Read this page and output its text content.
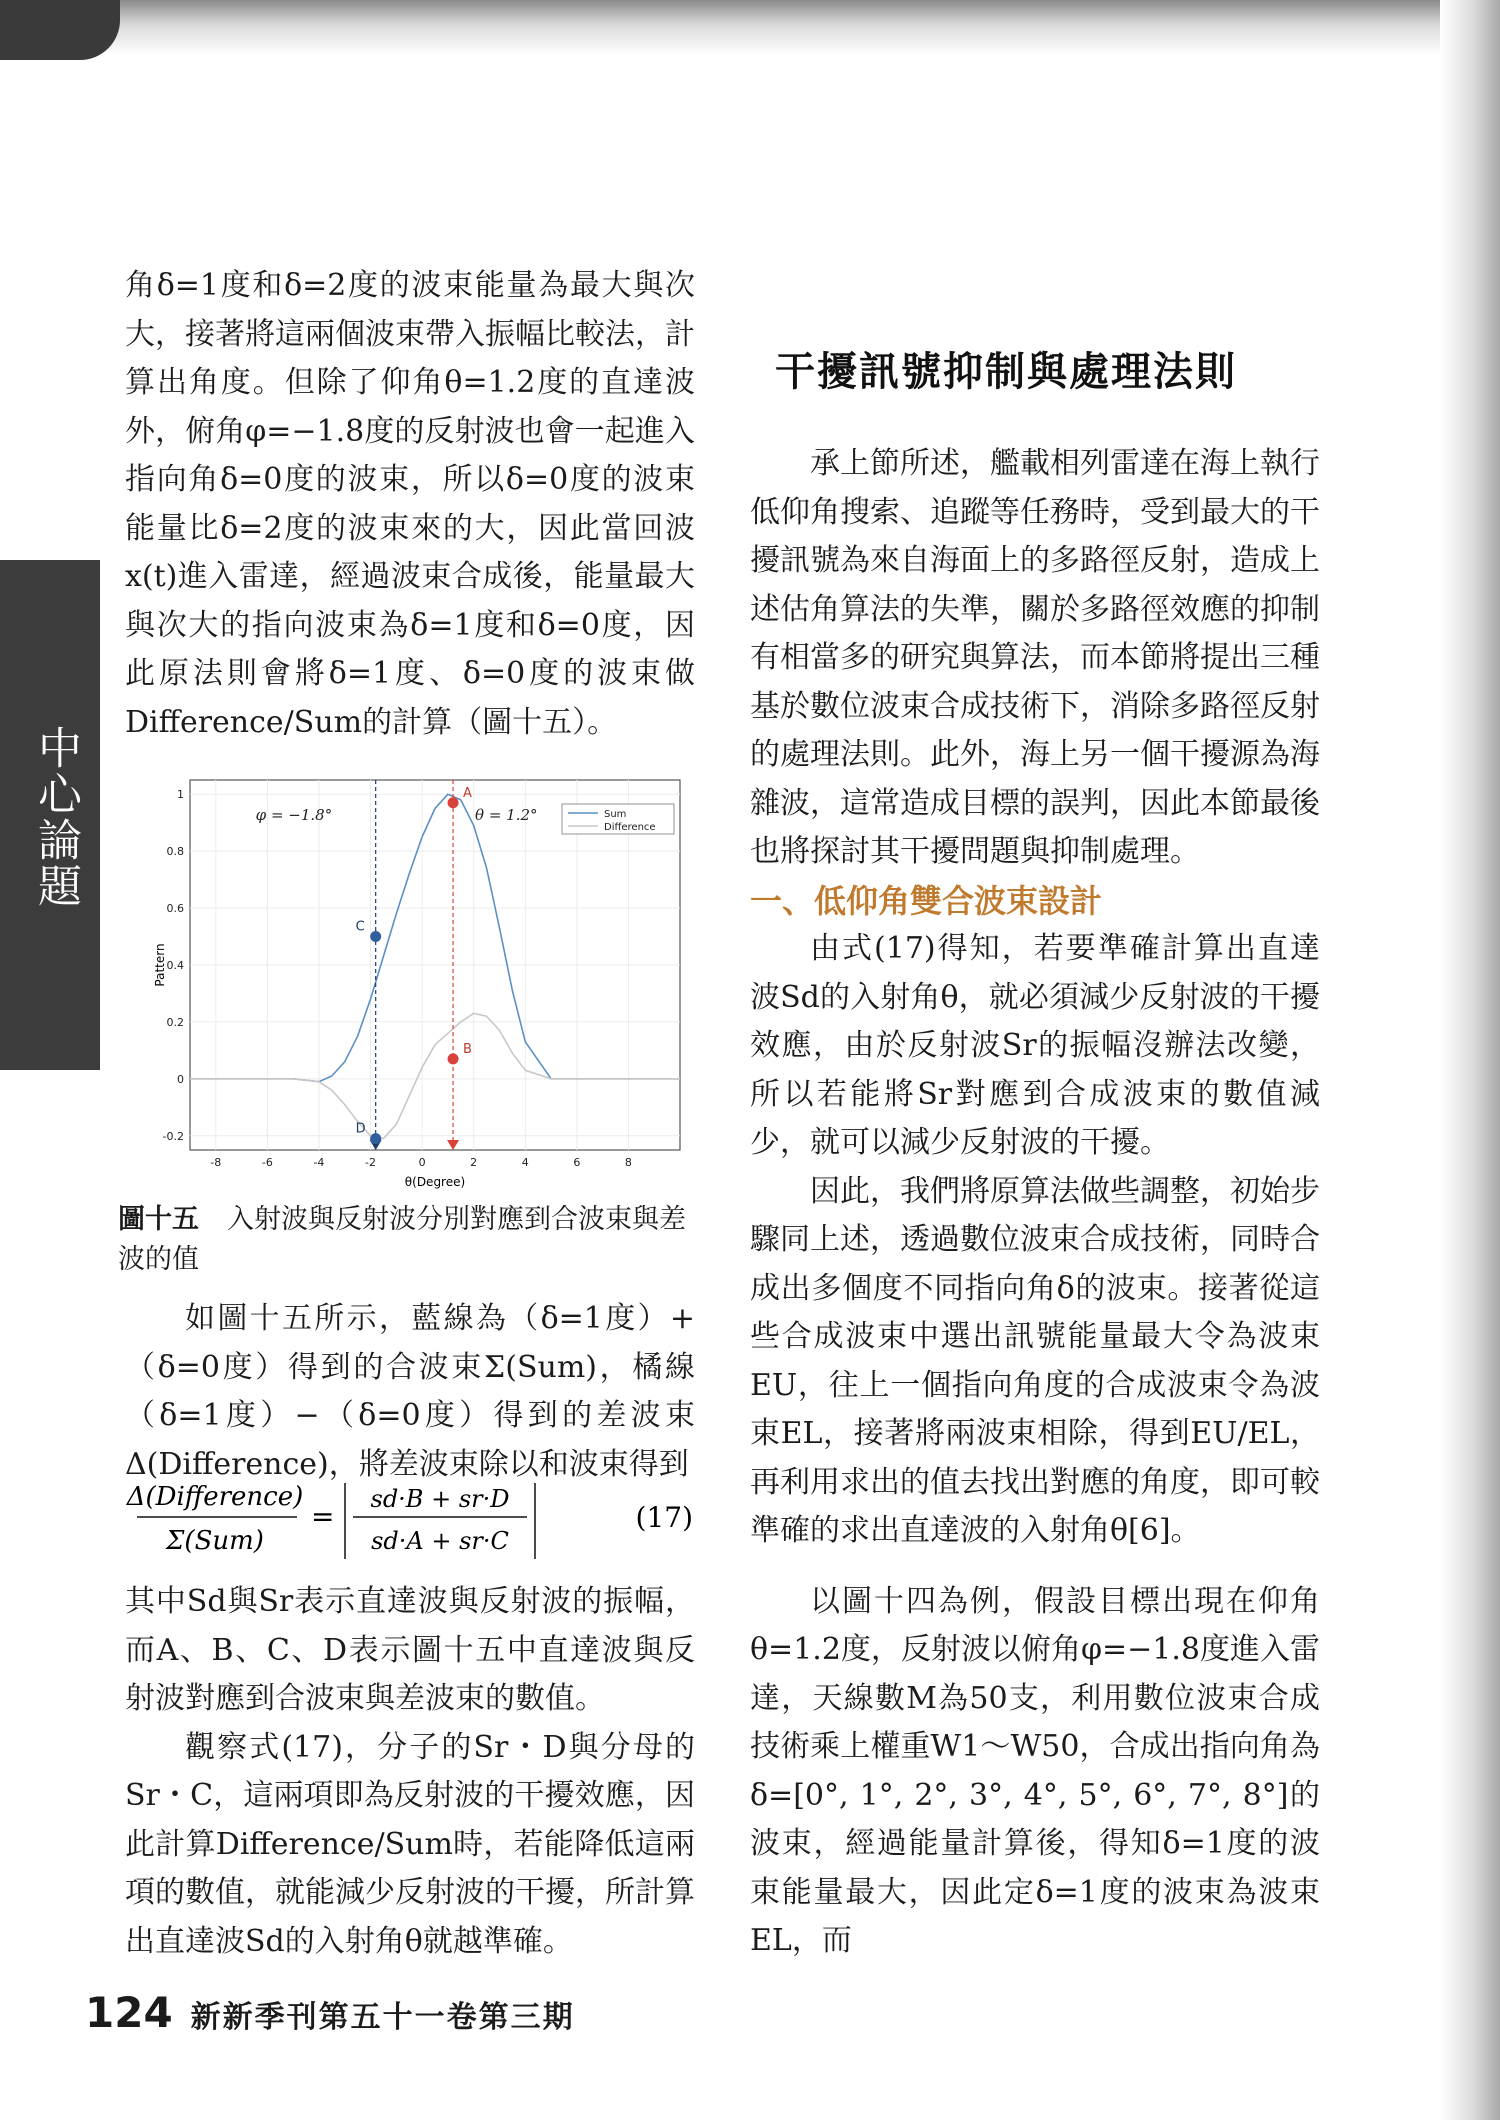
中心論題

角δ=1度和δ=2度的波束能量為最大與次大，接著將這兩個波束帶入振幅比較法，計算出角度。但除了仰角θ=1.2度的直達波外，俯角φ=−1.8度的反射波也會一起進入指向角δ=0度的波束，所以δ=0度的波束能量比δ=2度的波束來的大，因此當回波x(t)進入雷達，經過波束合成後，能量最大與次大的指向波束為δ=1度和δ=0度，因此原法則會將δ=1度、δ=0度的波束做Difference/Sum的計算（圖十五）。

-0.2
0
0.2
0.4
0.6
0.8
1
-8	-6	-4	-2	0	2	4	6	8
φ = −1.8°	θ = 1.2°
A
B
C
D
Sum
Difference
θ(Degree)
Pattern
圖十五 入射波與反射波分別對應到合波束與差波的值

如圖十五所示，藍線為（δ=1度）+（δ=0度）得到的合波束Σ(Sum)，橘線（δ=1度）−（δ=0度）得到的差波束Δ(Difference)，將差波束除以和波束得到

Δ(Difference)
Σ(Sum)
=
sd·B + sr·D
sd·A + sr·C
(17)

其中Sd與Sr表示直達波與反射波的振幅，而A、B、C、D表示圖十五中直達波與反射波對應到合波束與差波束的數值。

觀察式(17)，分子的Sr・D與分母的Sr・C，這兩項即為反射波的干擾效應，因此計算Difference/Sum時，若能降低這兩項的數值，就能減少反射波的干擾，所計算出直達波Sd的入射角θ就越準確。

干擾訊號抑制與處理法則

承上節所述，艦載相列雷達在海上執行低仰角搜索、追蹤等任務時，受到最大的干擾訊號為來自海面上的多路徑反射，造成上述估角算法的失準，關於多路徑效應的抑制有相當多的研究與算法，而本節將提出三種基於數位波束合成技術下，消除多路徑反射的處理法則。此外，海上另一個干擾源為海雜波，這常造成目標的誤判，因此本節最後也將探討其干擾問題與抑制處理。

一、低仰角雙合波束設計

由式(17)得知，若要準確計算出直達波Sd的入射角θ，就必須減少反射波的干擾效應，由於反射波Sr的振幅沒辦法改變，所以若能將Sr對應到合成波束的數值減少，就可以減少反射波的干擾。

因此，我們將原算法做些調整，初始步驟同上述，透過數位波束合成技術，同時合成出多個度不同指向角δ的波束。接著從這些合成波束中選出訊號能量最大令為波束EU，往上一個指向角度的合成波束令為波束EL，接著將兩波束相除，得到EU/EL，再利用求出的值去找出對應的角度，即可較準確的求出直達波的入射角θ[6]。

以圖十四為例，假設目標出現在仰角θ=1.2度，反射波以俯角φ=−1.8度進入雷達，天線數M為50支，利用數位波束合成技術乘上權重W1～W50，合成出指向角為δ=[0°, 1°, 2°, 3°, 4°, 5°, 6°, 7°, 8°]的波束，經過能量計算後，得知δ=1度的波束能量最大，因此定δ=1度的波束為波束EL，而

124 新新季刊第五十一卷第三期
